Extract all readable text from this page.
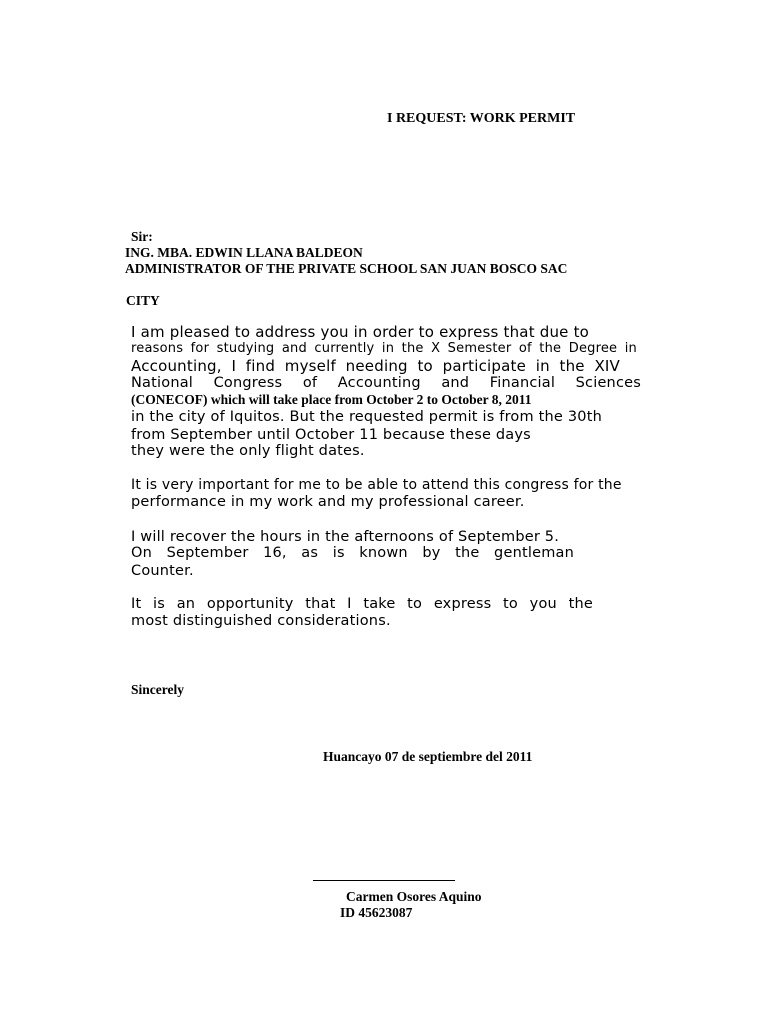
I REQUEST: WORK PERMIT
Sir:
ING. MBA. EDWIN LLANA BALDEON
ADMINISTRATOR OF THE PRIVATE SCHOOL SAN JUAN BOSCO SAC
CITY
I am pleased to address you in order to express that due to
reasons for studying and currently in the X Semester of the Degree in
Accounting, I find myself needing to participate in the XIV
National Congress of Accounting and Financial Sciences
(CONECOF) which will take place from October 2 to October 8, 2011
in the city of Iquitos. But the requested permit is from the 30th
from September until October 11 because these days
they were the only flight dates.
It is very important for me to be able to attend this congress for the
performance in my work and my professional career.
I will recover the hours in the afternoons of September 5.
On September 16, as is known by the gentleman
Counter.
It is an opportunity that I take to express to you the
most distinguished considerations.
Sincerely
Huancayo 07 de septiembre del 2011
Carmen Osores Aquino
ID 45623087
